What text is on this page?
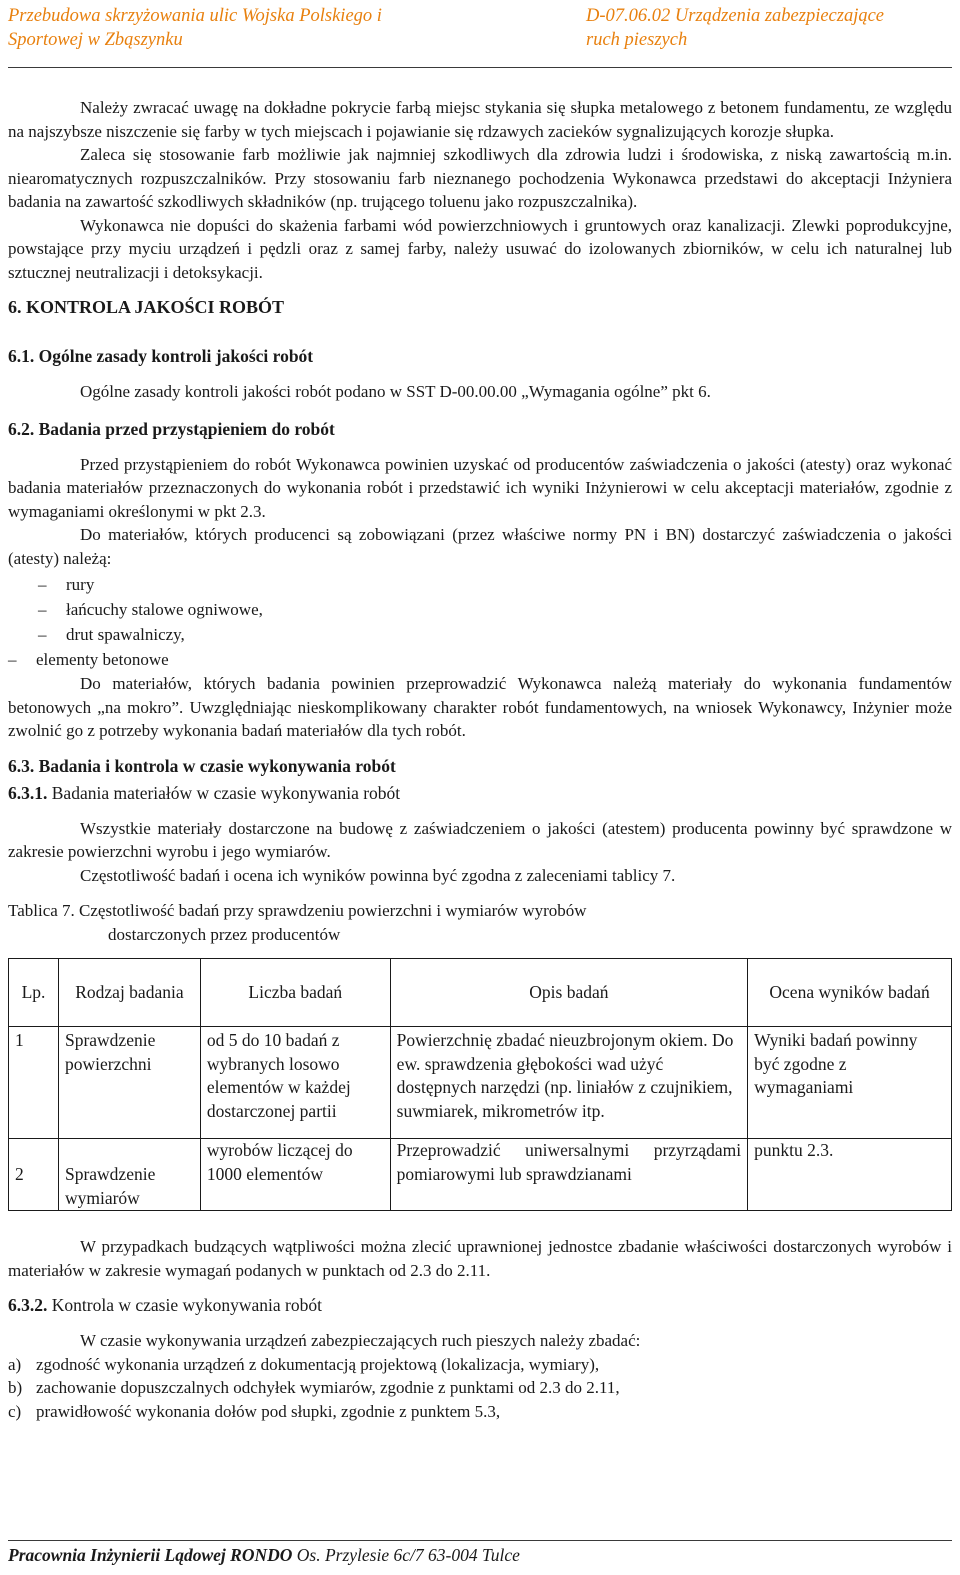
Przebudowa skrzyżowania ulic Wojska Polskiego i
Sportowej w Zbąszynku
D-07.06.02 Urządzenia zabezpieczające
ruch pieszych

Należy zwracać uwagę na dokładne pokrycie farbą miejsc stykania się słupka metalowego z betonem fundamentu, ze względu na najszybsze niszczenie się farby w tych miejscach i pojawianie się rdzawych zacieków sygnalizujących korozje słupka.

Zaleca się stosowanie farb możliwie jak najmniej szkodliwych dla zdrowia ludzi i środowiska, z niską zawartością m.in. niearomatycznych rozpuszczalników. Przy stosowaniu farb nieznanego pochodzenia Wykonawca przedstawi do akceptacji Inżyniera badania na zawartość szkodliwych składników (np. trującego toluenu jako rozpuszczalnika).

Wykonawca nie dopuści do skażenia farbami wód powierzchniowych i gruntowych oraz kanalizacji. Zlewki poprodukcyjne, powstające przy myciu urządzeń i pędzli oraz z samej farby, należy usuwać do izolowanych zbiorników, w celu ich naturalnej lub sztucznej neutralizacji i detoksykacji.

6. KONTROLA JAKOŚCI ROBÓT
6.1. Ogólne zasady kontroli jakości robót

Ogólne zasady kontroli jakości robót podano w SST D-00.00.00 „Wymagania ogólne” pkt 6.

6.2. Badania przed przystąpieniem do robót

Przed przystąpieniem do robót Wykonawca powinien uzyskać od producentów zaświadczenia o jakości (atesty) oraz wykonać badania materiałów przeznaczonych do wykonania robót i przedstawić ich wyniki Inżynierowi w celu akceptacji materiałów, zgodnie z wymaganiami określonymi w pkt 2.3.

Do materiałów, których producenci są zobowiązani (przez właściwe normy PN i BN) dostarczyć zaświadczenia o jakości (atesty) należą:

–	rury
–	łańcuchy stalowe ogniwowe,
–	drut spawalniczy,
–	elementy betonowe

Do materiałów, których badania powinien przeprowadzić Wykonawca należą materiały do wykonania fundamentów betonowych „na mokro”. Uwzględniając nieskomplikowany charakter robót fundamentowych, na wniosek Wykonawcy, Inżynier może zwolnić go z potrzeby wykonania badań materiałów dla tych robót.

6.3. Badania i kontrola w czasie wykonywania robót
6.3.1. Badania materiałów w czasie wykonywania robót

Wszystkie materiały dostarczone na budowę z zaświadczeniem o jakości (atestem) producenta powinny być sprawdzone w zakresie powierzchni wyrobu i jego wymiarów.

Częstotliwość badań i ocena ich wyników powinna być zgodna z zaleceniami tablicy 7.

Tablica 7. Częstotliwość badań przy sprawdzeniu powierzchni i wymiarów wyrobów
dostarczonych przez producentów
Lp.	Rodzaj badania	Liczba badań	Opis badań	Ocena wyników badań
1	Sprawdzenie powierzchni	od 5 do 10 badań z wybranych losowo elementów w każdej dostarczonej partii	Powierzchnię zbadać nieuzbrojonym okiem. Do ew. sprawdzenia głębokości wad użyć dostępnych narzędzi (np. liniałów z czujnikiem, suwmiarek, mikrometrów itp.	Wyniki badań powinny być zgodne z wymaganiami
2	Sprawdzenie wymiarów	wyrobów liczącej do 1000 elementów	Przeprowadzić uniwersalnymi przyrządami pomiarowymi lub sprawdzianami	punktu 2.3.

W przypadkach budzących wątpliwości można zlecić uprawnionej jednostce zbadanie właściwości dostarczonych wyrobów i materiałów w zakresie wymagań podanych w punktach od 2.3 do 2.11.

6.3.2. Kontrola w czasie wykonywania robót

W czasie wykonywania urządzeń zabezpieczających ruch pieszych należy zbadać:

a) zgodność wykonania urządzeń z dokumentacją projektową (lokalizacja, wymiary),
b) zachowanie dopuszczalnych odchyłek wymiarów, zgodnie z punktami od 2.3 do 2.11,
c) prawidłowość wykonania dołów pod słupki, zgodnie z punktem 5.3,
Pracownia Inżynierii Lądowej RONDO Os. Przylesie 6c/7 63-004 Tulce
